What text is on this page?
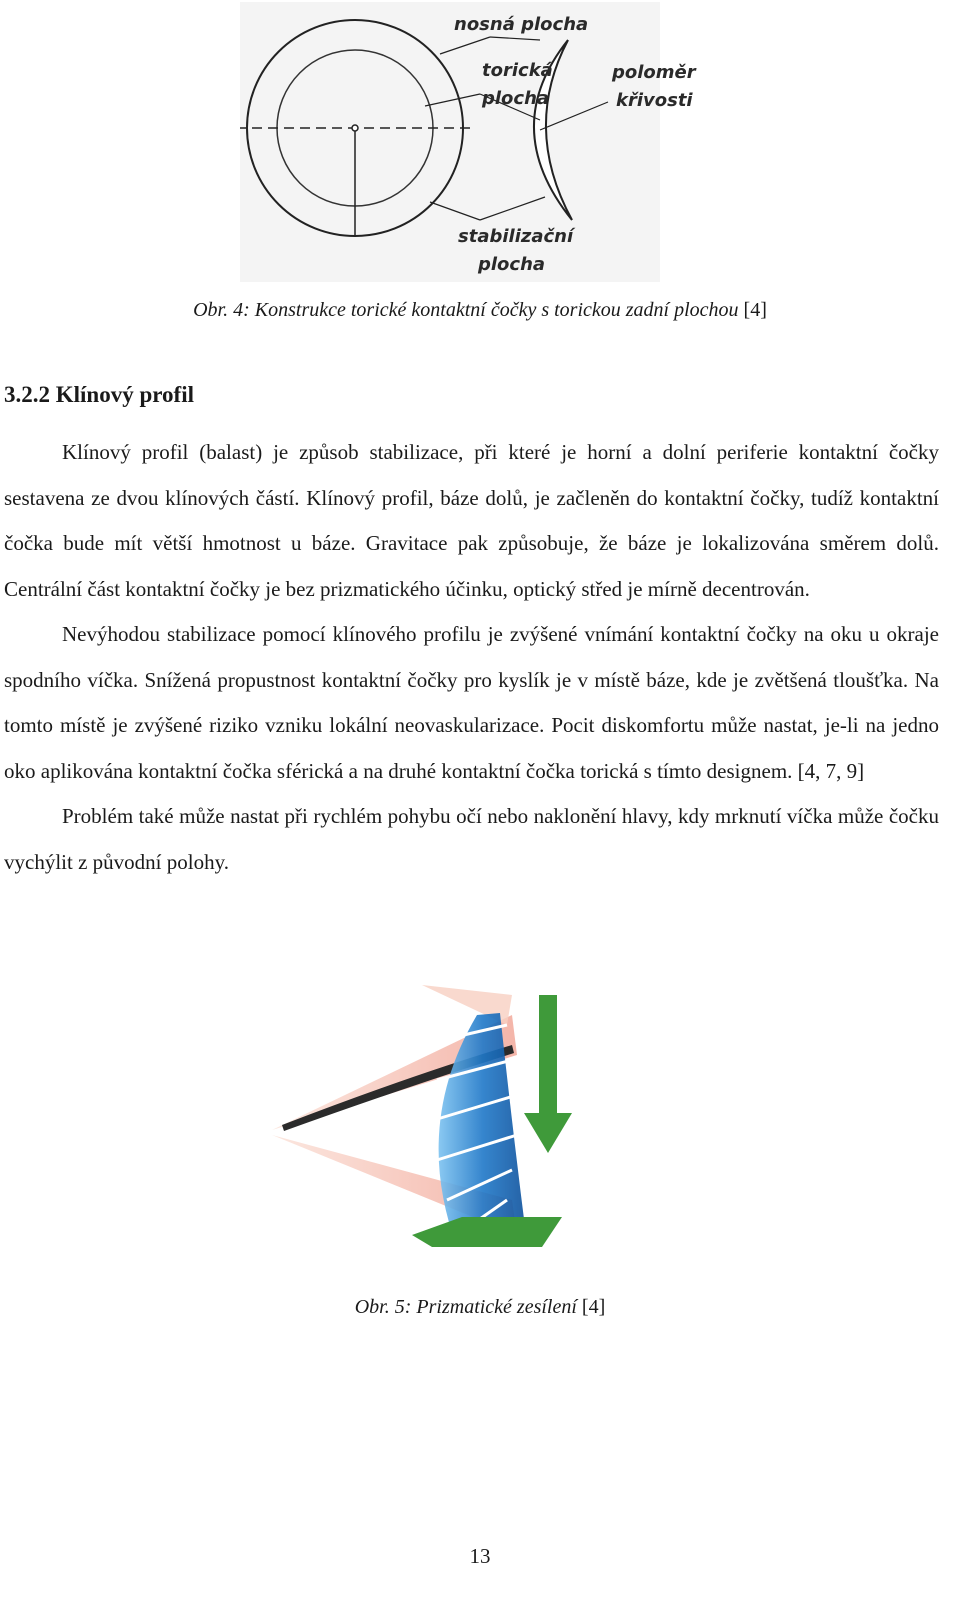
nosná plocha
torická
plocha
poloměr
křivosti
stabilizační
plocha
Obr. 4: Konstrukce torické kontaktní čočky s torickou zadní plochou [4]
3.2.2 Klínový profil

Klínový profil (balast) je způsob stabilizace, při které je horní a dolní periferie kontaktní čočky sestavena ze dvou klínových částí. Klínový profil, báze dolů, je začleněn do kontaktní čočky, tudíž kontaktní čočka bude mít větší hmotnost u báze. Gravitace pak způsobuje, že báze je lokalizována směrem dolů. Centrální část kontaktní čočky je bez prizmatického účinku, optický střed je mírně decentrován.

Nevýhodou stabilizace pomocí klínového profilu je zvýšené vnímání kontaktní čočky na oku u okraje spodního víčka. Snížená propustnost kontaktní čočky pro kyslík je v místě báze, kde je zvětšená tloušťka. Na tomto místě je zvýšené riziko vzniku lokální neovaskularizace. Pocit diskomfortu může nastat, je-li na jedno oko aplikována kontaktní čočka sférická a na druhé kontaktní čočka torická s tímto designem. [4, 7, 9]

Problém také může nastat při rychlém pohybu očí nebo naklonění hlavy, kdy mrknutí víčka může čočku vychýlit z původní polohy.

Obr. 5: Prizmatické zesílení [4]
13
